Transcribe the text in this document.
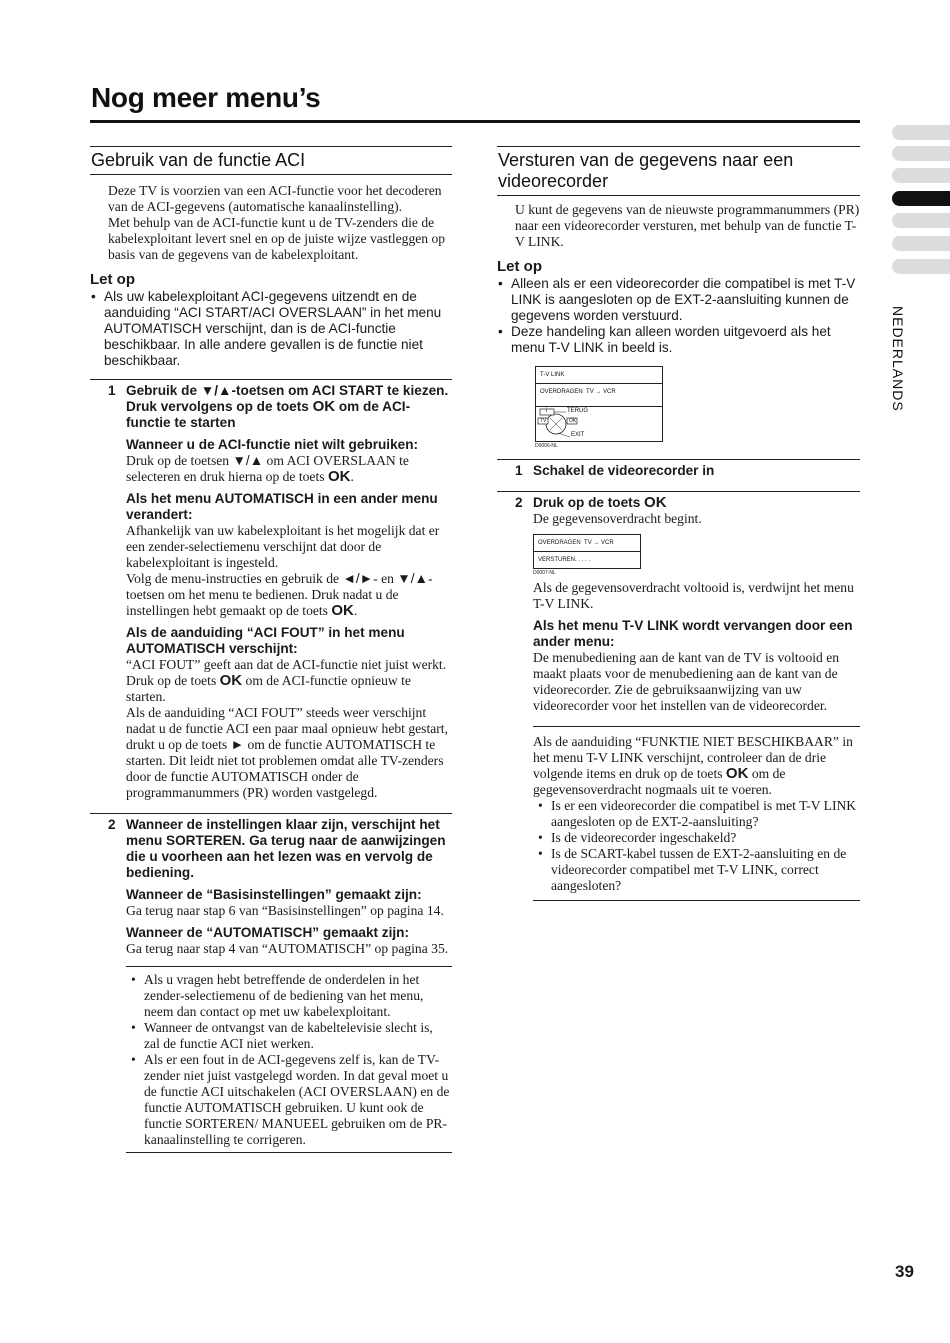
Nog meer menu’s
Gebruik van de functie ACI

Deze TV is voorzien van een ACI-functie voor het decoderen van de ACI-gegevens (automatische kanaalinstelling).

Met behulp van de ACI-functie kunt u de TV-zenders die de kabelexploitant levert snel en op de juiste wijze vastleggen op basis van de gegevens van de kabelexploitant.

Let op
• Als uw kabelexploitant ACI-gegevens uitzendt en de aanduiding “ACI START/ACI OVERSLAAN” in het menu AUTOMATISCH verschijnt, dan is de ACI-functie beschikbaar. In alle andere gevallen is de functie niet beschikbaar.
1 Gebruik de ▼/▲-toetsen om ACI START te kiezen. Druk vervolgens op de toets OK om de ACI-functie te starten

Wanneer u de ACI-functie niet wilt gebruiken:

Druk op de toetsen ▼/▲ om ACI OVERSLAAN te selecteren en druk hierna op de toets OK.

Als het menu AUTOMATISCH in een ander menu verandert:

Afhankelijk van uw kabelexploitant is het mogelijk dat er een zender-selectiemenu verschijnt dat door de kabelexploitant is ingesteld.

Volg de menu-instructies en gebruik de ◄/►- en ▼/▲-toetsen om het menu te bedienen. Druk nadat u de instellingen hebt gemaakt op de toets OK.

Als de aanduiding “ACI FOUT” in het menu AUTOMATISCH verschijnt:

“ACI FOUT” geeft aan dat de ACI-functie niet juist werkt. Druk op de toets OK om de ACI-functie opnieuw te starten.

Als de aanduiding “ACI FOUT” steeds weer verschijnt nadat u de functie ACI een paar maal opnieuw hebt gestart, drukt u op de toets ► om de functie AUTOMATISCH te starten. Dit leidt niet tot problemen omdat alle TV-zenders door de functie AUTOMATISCH onder de programmanummers (PR) worden vastgelegd.

2 Wanneer de instellingen klaar zijn, verschijnt het menu SORTEREN. Ga terug naar de aanwijzingen die u voorheen aan het lezen was en vervolg de bediening.

Wanneer de “Basisinstellingen” gemaakt zijn:

Ga terug naar stap 6 van “Basisinstellingen” op pagina 14.

Wanneer de “AUTOMATISCH” gemaakt zijn:

Ga terug naar stap 4 van “AUTOMATISCH” op pagina 35.

• Als u vragen hebt betreffende de onderdelen in het zender-selectiemenu of de bediening van het menu, neem dan contact op met uw kabelexploitant.
• Wanneer de ontvangst van de kabeltelevisie slecht is, zal de functie ACI niet werken.
• Als er een fout in de ACI-gegevens zelf is, kan de TV-zender niet juist vastgelegd worden. In dat geval moet u de functie ACI uitschakelen (ACI OVERSLAAN) en de functie AUTOMATISCH gebruiken. U kunt ook de functie SORTEREN/ MANUEEL gebruiken om de PR-kanaalinstelling te corrigeren.
Versturen van de gegevens naar een videorecorder

U kunt de gegevens van de nieuwste programmanummers (PR) naar een videorecorder versturen, met behulp van de functie T-V LINK.

Let op
• Alleen als er een videorecorder die compatibel is met T-V LINK is aangesloten op de EXT-2-aansluiting kunnen de gegevens worden verstuurd.
• Deze handeling kan alleen worden uitgevoerd als het menu T-V LINK in beeld is.
T-V LINK
OVERDRAGEN TV → VCR
i	TERUG
TV	OK
EXIT
D0006-NL
1 Schakel de videorecorder in

2 Druk op de toets OK

De gegevensoverdracht begint.

OVERDRAGEN TV → VCR
VERSTUREN. . . . .
D0007-NL

Als de gegevensoverdracht voltooid is, verdwijnt het menu T-V LINK.

Als het menu T-V LINK wordt vervangen door een ander menu:

De menubediening aan de kant van de TV is voltooid en maakt plaats voor de menubediening aan de kant van de videorecorder. Zie de gebruiksaanwijzing van uw videorecorder voor het instellen van de videorecorder.

Als de aanduiding “FUNKTIE NIET BESCHIKBAAR” in het menu T-V LINK verschijnt, controleer dan de drie volgende items en druk op de toets OK om de gegevensoverdracht nogmaals uit te voeren.

• Is er een videorecorder die compatibel is met T-V LINK aangesloten op de EXT-2-aansluiting?
• Is de videorecorder ingeschakeld?
• Is de SCART-kabel tussen de EXT-2-aansluiting en de videorecorder compatibel met T-V LINK, correct aangesloten?
NEDERLANDS
39
